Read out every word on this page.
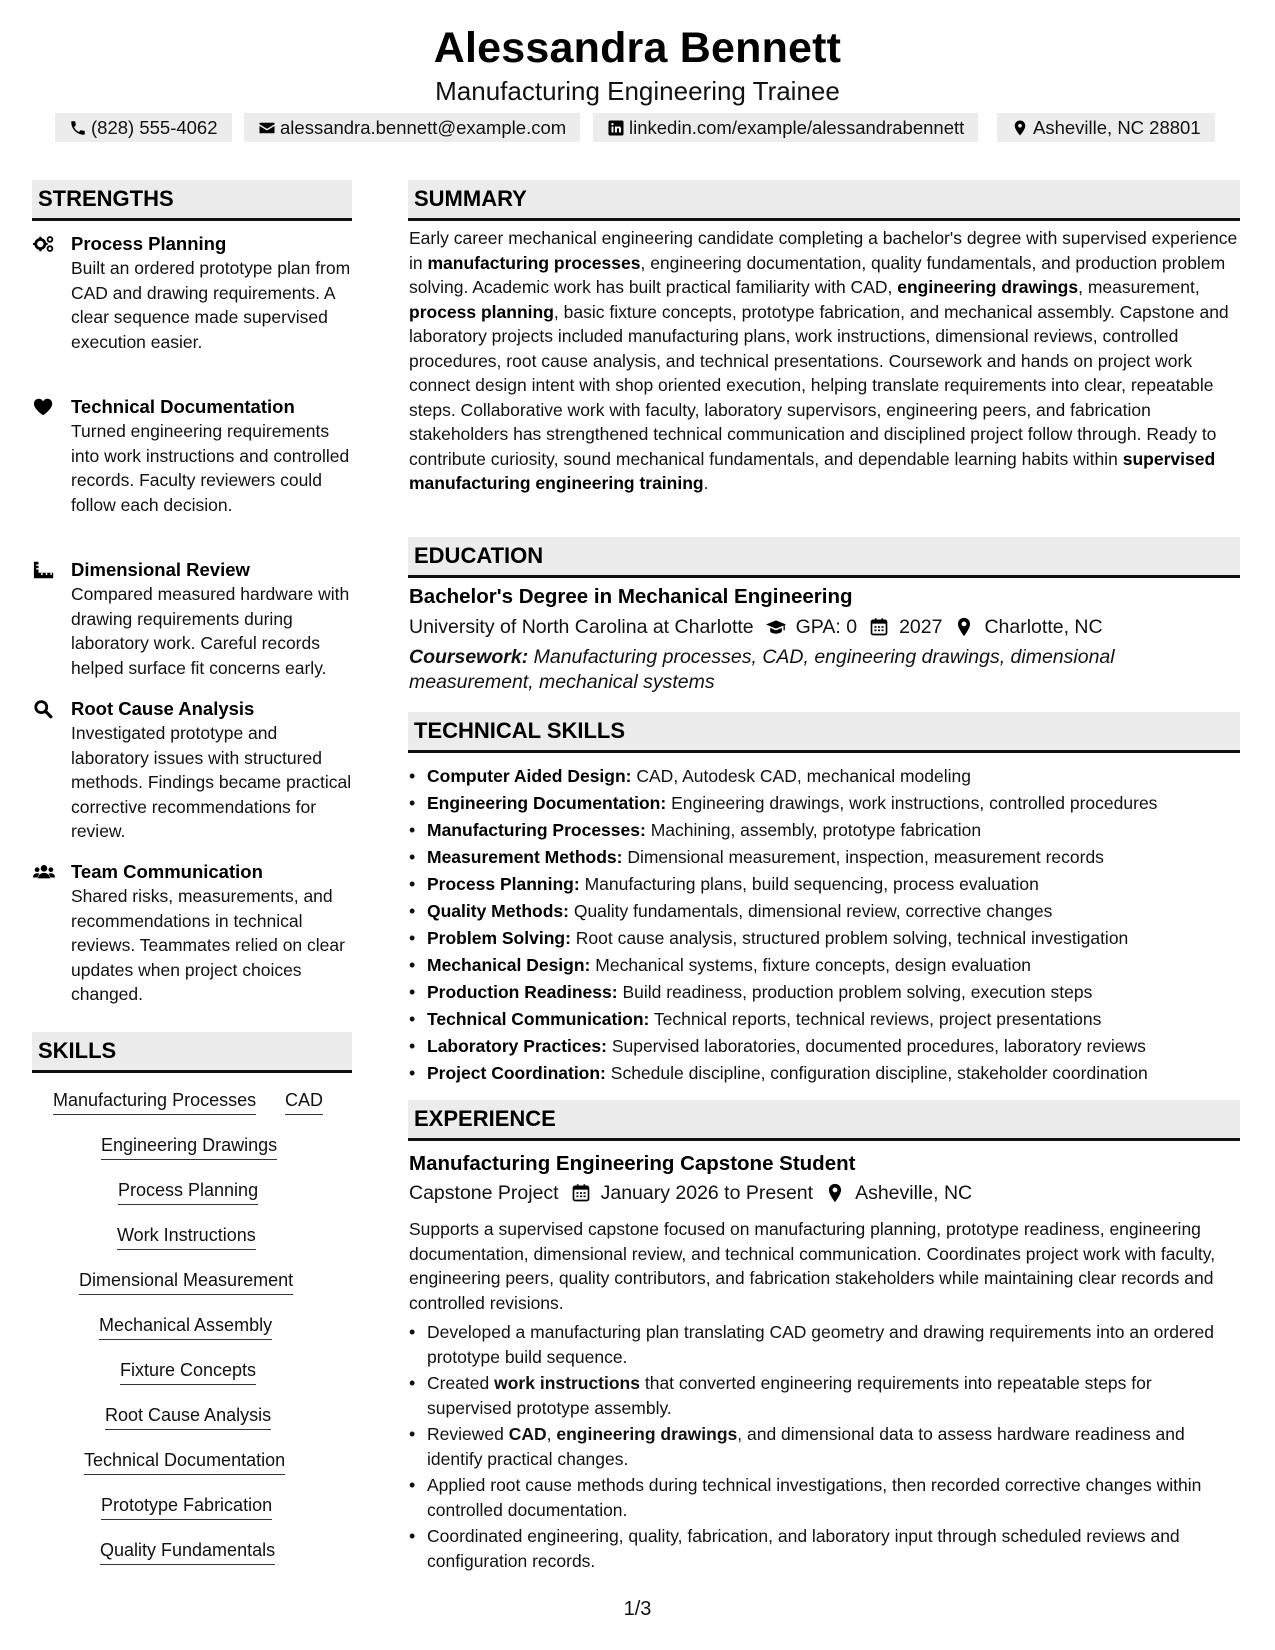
Alessandra Bennett
Manufacturing Engineering Trainee
(828) 555-4062	alessandra.bennett@example.com	linkedin.com/example/alessandrabennett	Asheville, NC 28801
STRENGTHS
Process Planning
Built an ordered prototype plan from CAD and drawing requirements. A clear sequence made supervised execution easier.
Technical Documentation
Turned engineering requirements into work instructions and controlled records. Faculty reviewers could follow each decision.
Dimensional Review
Compared measured hardware with drawing requirements during laboratory work. Careful records helped surface fit concerns early.
Root Cause Analysis
Investigated prototype and laboratory issues with structured methods. Findings became practical corrective recommendations for review.
Team Communication
Shared risks, measurements, and recommendations in technical reviews. Teammates relied on clear updates when project choices changed.
SKILLS
Manufacturing Processes CAD
Engineering Drawings
Process Planning
Work Instructions
Dimensional Measurement
Mechanical Assembly
Fixture Concepts
Root Cause Analysis
Technical Documentation
Prototype Fabrication
Quality Fundamentals
SUMMARY
Early career mechanical engineering candidate completing a bachelor's degree with supervised experience in manufacturing processes, engineering documentation, quality fundamentals, and production problem solving. Academic work has built practical familiarity with CAD, engineering drawings, measurement, process planning, basic fixture concepts, prototype fabrication, and mechanical assembly. Capstone and laboratory projects included manufacturing plans, work instructions, dimensional reviews, controlled procedures, root cause analysis, and technical presentations. Coursework and hands on project work connect design intent with shop oriented execution, helping translate requirements into clear, repeatable steps. Collaborative work with faculty, laboratory supervisors, engineering peers, and fabrication stakeholders has strengthened technical communication and disciplined project follow through. Ready to contribute curiosity, sound mechanical fundamentals, and dependable learning habits within supervised manufacturing engineering training.
EDUCATION
Bachelor's Degree in Mechanical Engineering
University of North Carolina at Charlotte GPA: 0 2027 Charlotte, NC
Coursework: Manufacturing processes, CAD, engineering drawings, dimensional measurement, mechanical systems
TECHNICAL SKILLS
• Computer Aided Design: CAD, Autodesk CAD, mechanical modeling
• Engineering Documentation: Engineering drawings, work instructions, controlled procedures
• Manufacturing Processes: Machining, assembly, prototype fabrication
• Measurement Methods: Dimensional measurement, inspection, measurement records
• Process Planning: Manufacturing plans, build sequencing, process evaluation
• Quality Methods: Quality fundamentals, dimensional review, corrective changes
• Problem Solving: Root cause analysis, structured problem solving, technical investigation
• Mechanical Design: Mechanical systems, fixture concepts, design evaluation
• Production Readiness: Build readiness, production problem solving, execution steps
• Technical Communication: Technical reports, technical reviews, project presentations
• Laboratory Practices: Supervised laboratories, documented procedures, laboratory reviews
• Project Coordination: Schedule discipline, configuration discipline, stakeholder coordination
EXPERIENCE
Manufacturing Engineering Capstone Student
Capstone Project January 2026 to Present Asheville, NC
Supports a supervised capstone focused on manufacturing planning, prototype readiness, engineering documentation, dimensional review, and technical communication. Coordinates project work with faculty, engineering peers, quality contributors, and fabrication stakeholders while maintaining clear records and controlled revisions.
• Developed a manufacturing plan translating CAD geometry and drawing requirements into an ordered prototype build sequence.
• Created work instructions that converted engineering requirements into repeatable steps for supervised prototype assembly.
• Reviewed CAD, engineering drawings, and dimensional data to assess hardware readiness and identify practical changes.
• Applied root cause methods during technical investigations, then recorded corrective changes within controlled documentation.
• Coordinated engineering, quality, fabrication, and laboratory input through scheduled reviews and configuration records.
1/3
